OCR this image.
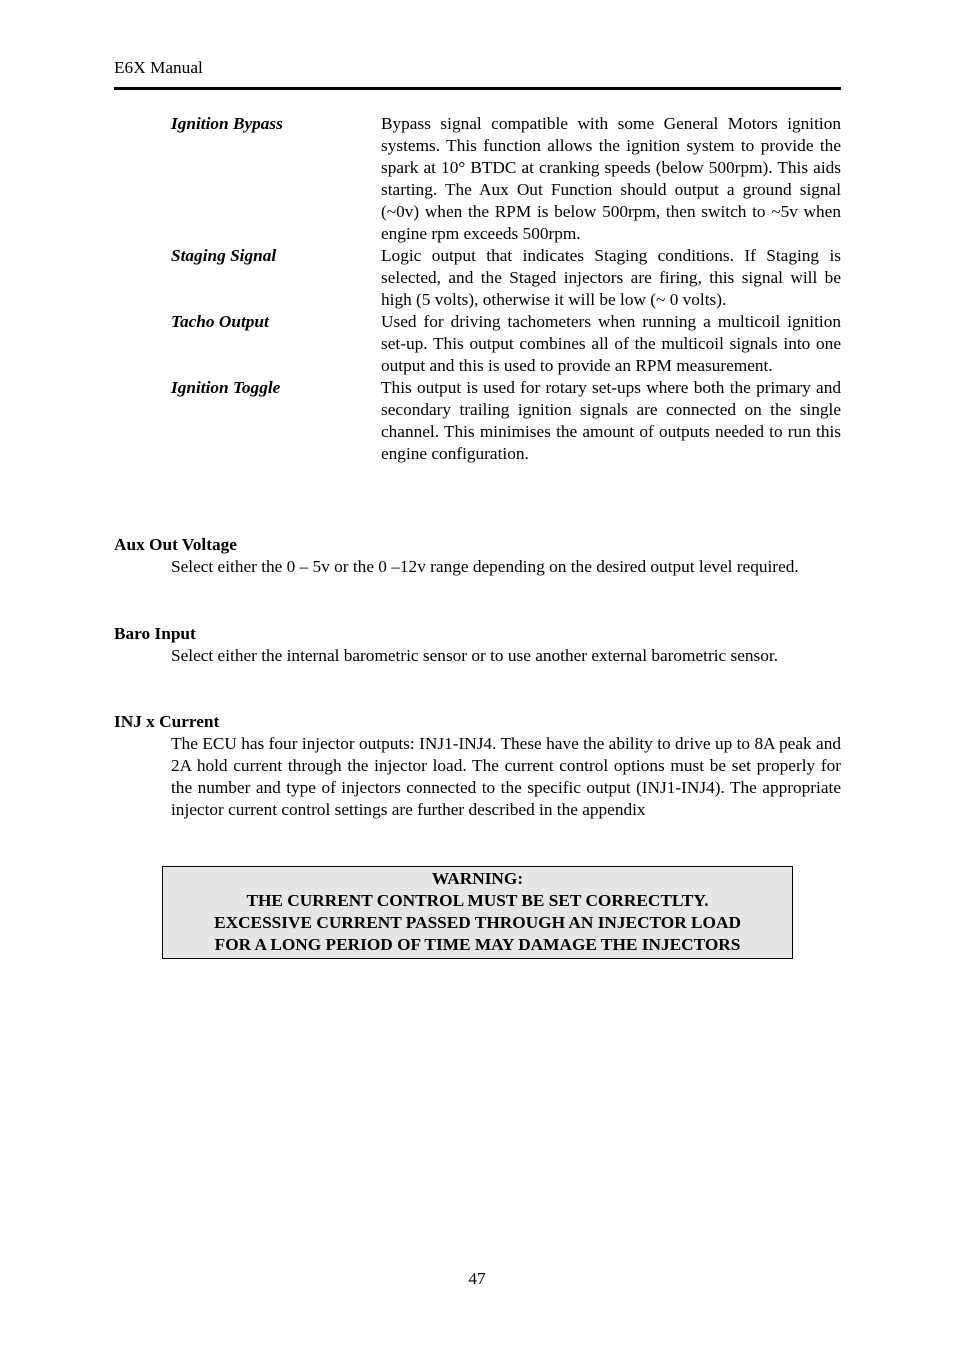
E6X Manual
Ignition Bypass	Bypass signal compatible with some General Motors ignition systems. This function allows the ignition system to provide the spark at 10° BTDC at cranking speeds (below 500rpm). This aids starting. The Aux Out Function should output a ground signal (~0v) when the RPM is below 500rpm, then switch to ~5v when engine rpm exceeds 500rpm.
Staging Signal	Logic output that indicates Staging conditions. If Staging is selected, and the Staged injectors are firing, this signal will be high (5 volts), otherwise it will be low (~ 0 volts).
Tacho Output	Used for driving tachometers when running a multicoil ignition set-up. This output combines all of the multicoil signals into one output and this is used to provide an RPM measurement.
Ignition Toggle	This output is used for rotary set-ups where both the primary and secondary trailing ignition signals are connected on the single channel. This minimises the amount of outputs needed to run this engine configuration.
Aux Out Voltage
Select either the 0 – 5v or the 0 –12v range depending on the desired output level required.
Baro Input
Select either the internal barometric sensor or to use another external barometric sensor.
INJ x Current
The ECU has four injector outputs: INJ1-INJ4. These have the ability to drive up to 8A peak and 2A hold current through the injector load. The current control options must be set properly for the number and type of injectors connected to the specific output (INJ1-INJ4). The appropriate injector current control settings are further described in the appendix
WARNING:
THE CURRENT CONTROL MUST BE SET CORRECTLTY.
EXCESSIVE CURRENT PASSED THROUGH AN INJECTOR LOAD
FOR A LONG PERIOD OF TIME MAY DAMAGE THE INJECTORS
47
